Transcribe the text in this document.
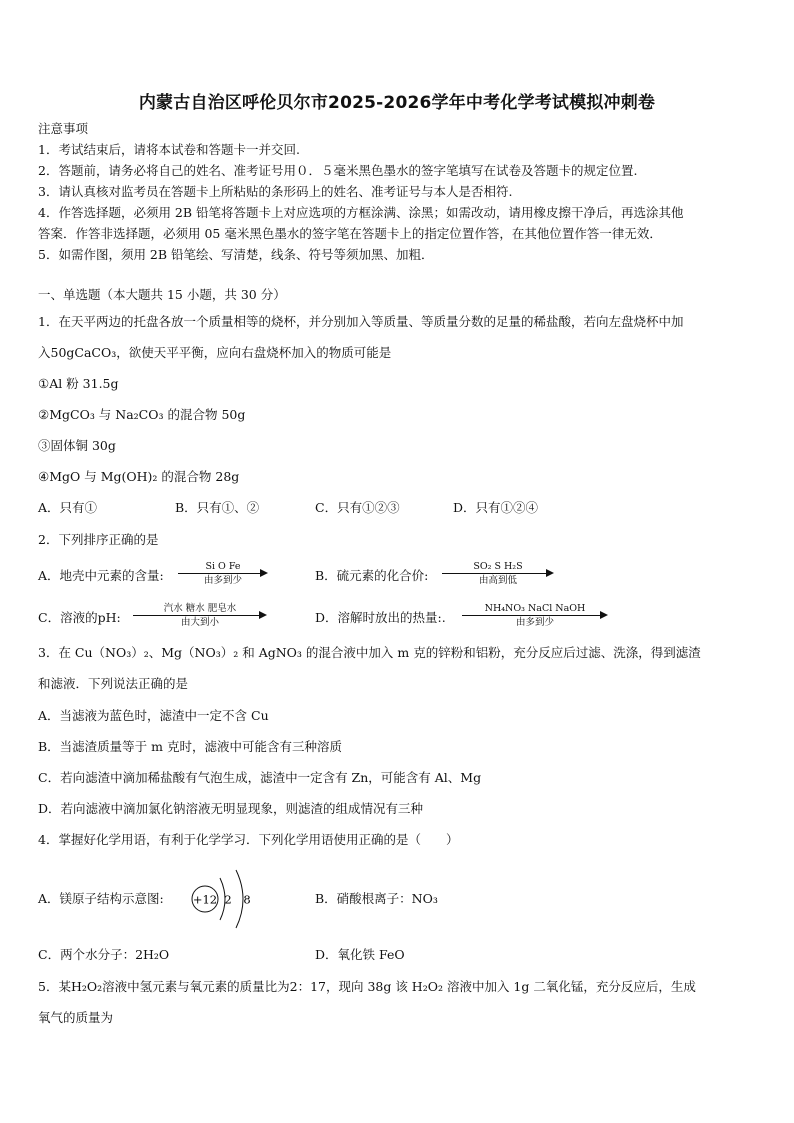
内蒙古自治区呼伦贝尔市2025-2026学年中考化学考试模拟冲刺卷
注意事项
1．考试结束后，请将本试卷和答题卡一并交回.
2．答题前，请务必将自己的姓名、准考证号用０．５毫米黑色墨水的签字笔填写在试卷及答题卡的规定位置.
3．请认真核对监考员在答题卡上所粘贴的条形码上的姓名、准考证号与本人是否相符.
4．作答选择题，必须用 2B 铅笔将答题卡上对应选项的方框涂满、涂黑；如需改动，请用橡皮擦干净后，再选涂其他
答案．作答非选择题，必须用 05 毫米黑色墨水的签字笔在答题卡上的指定位置作答，在其他位置作答一律无效．
5．如需作图，须用 2B 铅笔绘、写清楚，线条、符号等须加黑、加粗．
一、单选题（本大题共 15 小题，共 30 分）
1．在天平两边的托盘各放一个质量相等的烧杯，并分别加入等质量、等质量分数的足量的稀盐酸，若向左盘烧杯中加
入50gCaCO₃，欲使天平平衡，应向右盘烧杯加入的物质可能是
①Al 粉 31.5g
②MgCO₃ 与 Na₂CO₃ 的混合物 50g
③固体铜 30g
④MgO 与 Mg(OH)₂ 的混合物 28g
A．只有①	B．只有①、②	C．只有①②③	D．只有①②④
2．下列排序正确的是
A．地壳中元素的含量:
Si O Fe
由多到少	B．硫元素的化合价:
SO₂ S H₂S
由高到低
C．溶液的pH:
汽水 糖水 肥皂水
由大到小	D．溶解时放出的热量:.
NH₄NO₃ NaCl NaOH
由多到少
3．在 Cu（NO₃）₂、Mg（NO₃）₂ 和 AgNO₃ 的混合液中加入 m 克的锌粉和铝粉，充分反应后过滤、洗涤，得到滤渣
和滤液．下列说法正确的是
A．当滤液为蓝色时，滤渣中一定不含 Cu
B．当滤渣质量等于 m 克时，滤液中可能含有三种溶质
C．若向滤渣中滴加稀盐酸有气泡生成，滤渣中一定含有 Zn，可能含有 Al、Mg
D．若向滤液中滴加氯化钠溶液无明显现象，则滤渣的组成情况有三种
4．掌握好化学用语，有利于化学学习．下列化学用语使用正确的是（　　）
A．镁原子结构示意图:	+12 2 8	B．硝酸根离子：NO₃
C．两个水分子：2H₂O	D．氧化铁 FeO
5．某H₂O₂溶液中氢元素与氧元素的质量比为2：17，现向 38g 该 H₂O₂ 溶液中加入 1g 二氧化锰，充分反应后，生成
氧气的质量为
